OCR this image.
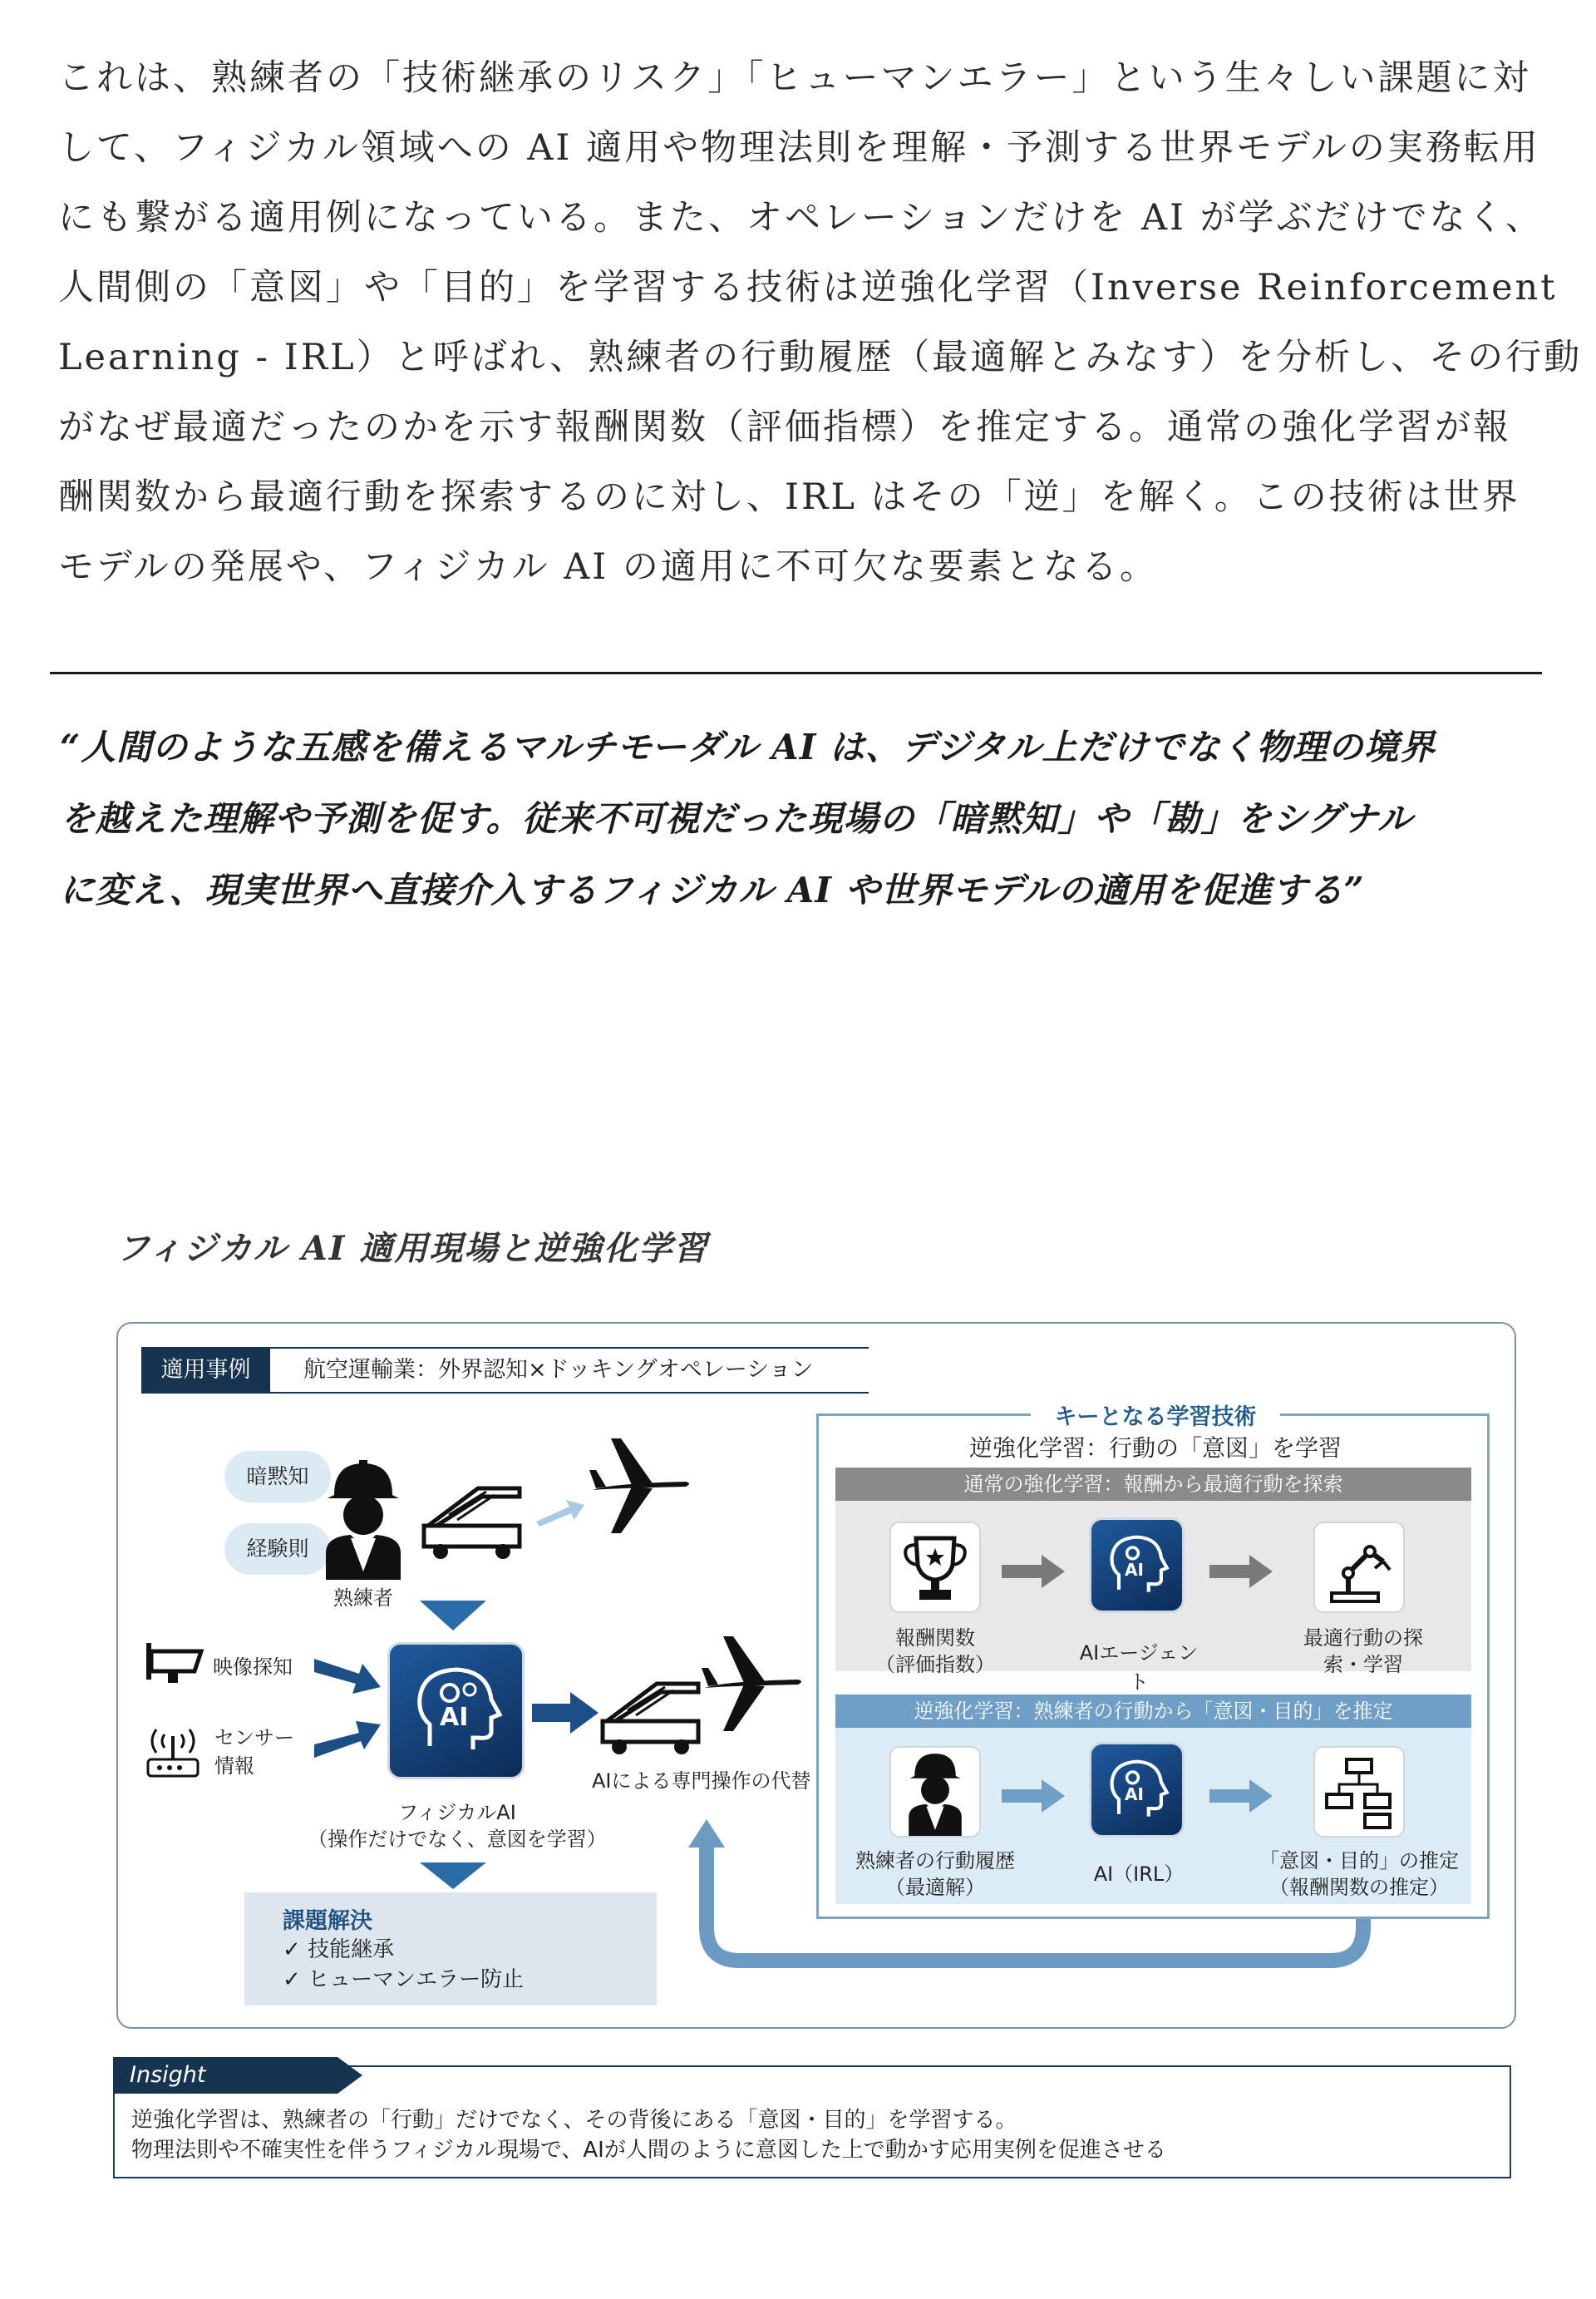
これは、熟練者の「技術継承のリスク」「ヒューマンエラー」という生々しい課題に対
して、フィジカル領域への AI 適用や物理法則を理解・予測する世界モデルの実務転用
にも繋がる適用例になっている。また、オペレーションだけを AI が学ぶだけでなく、
人間側の「意図」や「目的」を学習する技術は逆強化学習（Inverse Reinforcement
Learning - IRL）と呼ばれ、熟練者の行動履歴（最適解とみなす）を分析し、その行動
がなぜ最適だったのかを示す報酬関数（評価指標）を推定する。通常の強化学習が報
酬関数から最適行動を探索するのに対し、IRL はその「逆」を解く。この技術は世界
モデルの発展や、フィジカル AI の適用に不可欠な要素となる。
“人間のような五感を備えるマルチモーダル AI は、デジタル上だけでなく物理の境界
を越えた理解や予測を促す。従来不可視だった現場の「暗黙知」や「勘」をシグナル
に変え、現実世界へ直接介入するフィジカル AI や世界モデルの適用を促進する”
フィジカル AI 適用現場と逆強化学習
適用事例	航空運輸業：外界認知×ドッキングオペレーション
暗黙知
経験則
熟練者
映像探知
センサー
情報
AI
フィジカルAI
（操作だけでなく、意図を学習）
課題解決
✓ 技能継承
✓ ヒューマンエラー防止
AIによる専門操作の代替
キーとなる学習技術
逆強化学習：行動の「意図」を学習
通常の強化学習：報酬から最適行動を探索
AI
報酬関数
（評価指数）	AIエージェント
最適行動の探
索・学習
逆強化学習：熟練者の行動から「意図・目的」を推定
AI
熟練者の行動履歴
（最適解）
AI（IRL）
「意図・目的」の推定
（報酬関数の推定）
Insight
逆強化学習は、熟練者の「行動」だけでなく、その背後にある「意図・目的」を学習する。
物理法則や不確実性を伴うフィジカル現場で、AIが人間のように意図した上で動かす応用実例を促進させる
